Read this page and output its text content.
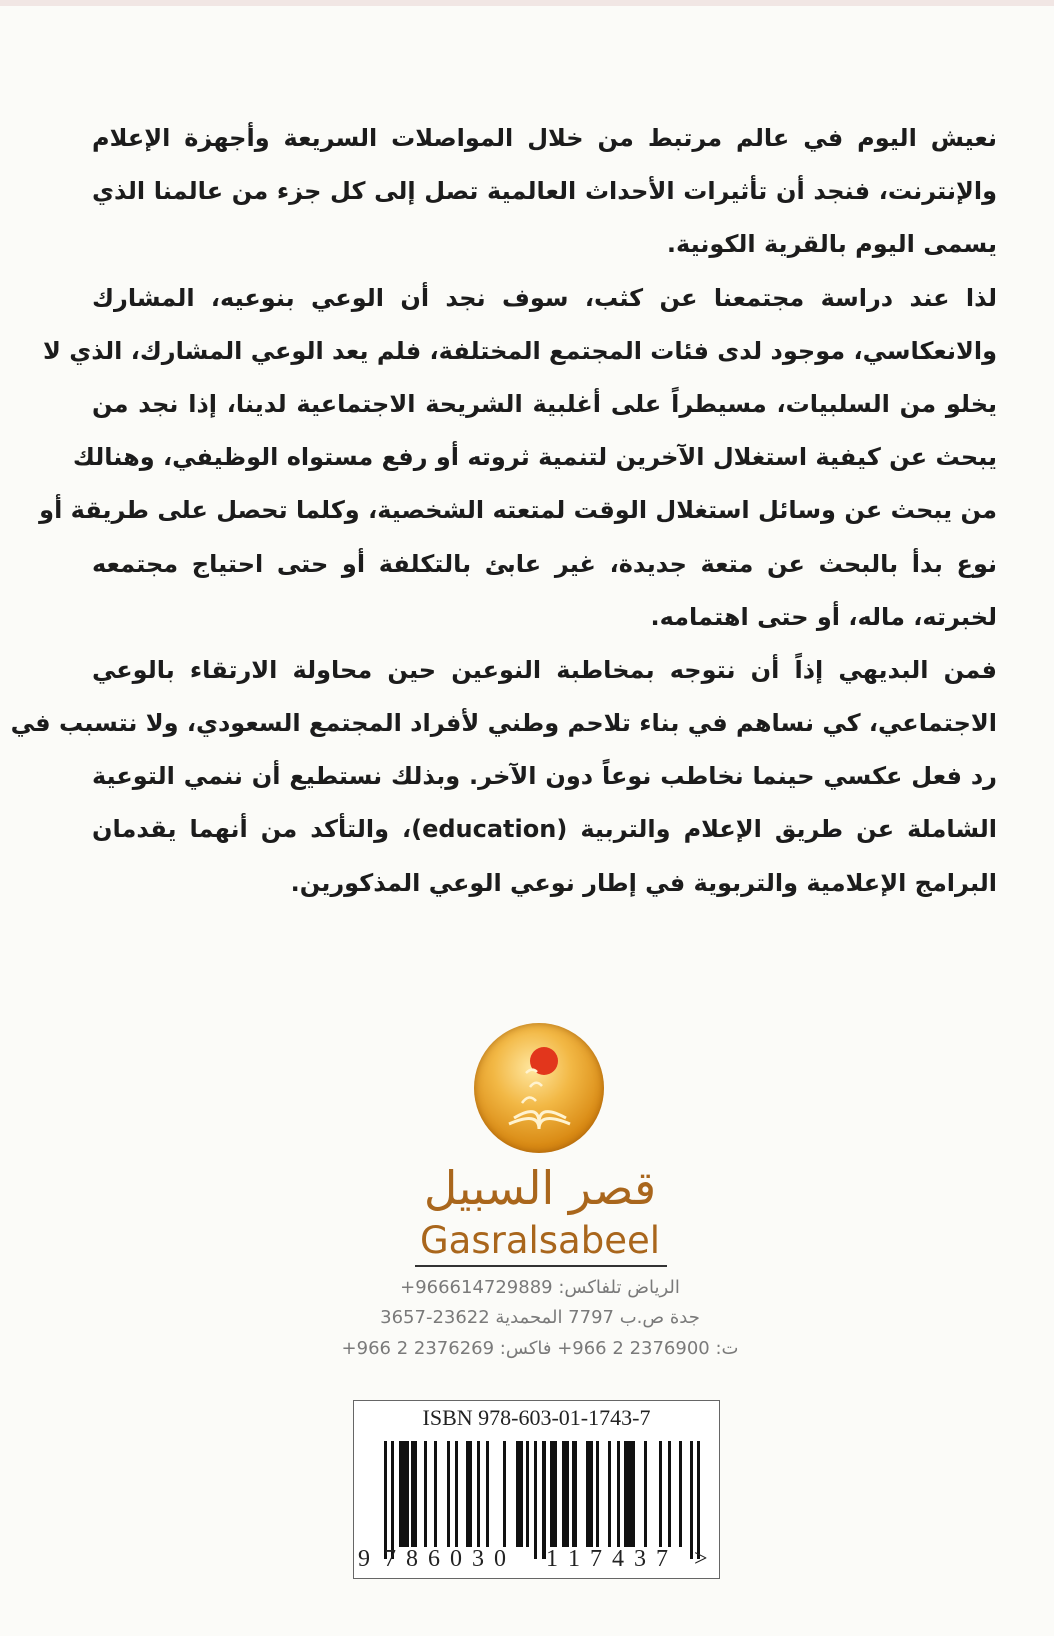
نعيش اليوم في عالم مرتبط من خلال المواصلات السريعة وأجهزة الإعلام
والإنترنت، فنجد أن تأثيرات الأحداث العالمية تصل إلى كل جزء من عالمنا الذي
يسمى اليوم بالقرية الكونية.
لذا عند دراسة مجتمعنا عن كثب، سوف نجد أن الوعي بنوعيه، المشارك
والانعكاسي، موجود لدى فئات المجتمع المختلفة، فلم يعد الوعي المشارك، الذي لا
يخلو من السلبيات، مسيطراً على أغلبية الشريحة الاجتماعية لدينا، إذا نجد من
يبحث عن كيفية استغلال الآخرين لتنمية ثروته أو رفع مستواه الوظيفي، وهنالك
من يبحث عن وسائل استغلال الوقت لمتعته الشخصية، وكلما تحصل على طريقة أو
نوع بدأ بالبحث عن متعة جديدة، غير عابئ بالتكلفة أو حتى احتياج مجتمعه
لخبرته، ماله، أو حتى اهتمامه.
فمن البديهي إذاً أن نتوجه بمخاطبة النوعين حين محاولة الارتقاء بالوعي
الاجتماعي، كي نساهم في بناء تلاحم وطني لأفراد المجتمع السعودي، ولا نتسبب في
رد فعل عكسي حينما نخاطب نوعاً دون الآخر. وبذلك نستطيع أن ننمي التوعية
الشاملة عن طريق الإعلام والتربية (education)، والتأكد من أنهما يقدمان
البرامج الإعلامية والتربوية في إطار نوعي الوعي المذكورين.
قصر السبيل
Gasralsabeel
الرياض تلفاكس: 966614729889+
جدة ص.ب 7797 المحمدية 23622-3657
ت: 2376900 2 966+ فاكس: 2376269 2 966+
ISBN 978-603-01-1743-7
9 7 8 6 0 3 0 1 1 7 4 3 7 >
